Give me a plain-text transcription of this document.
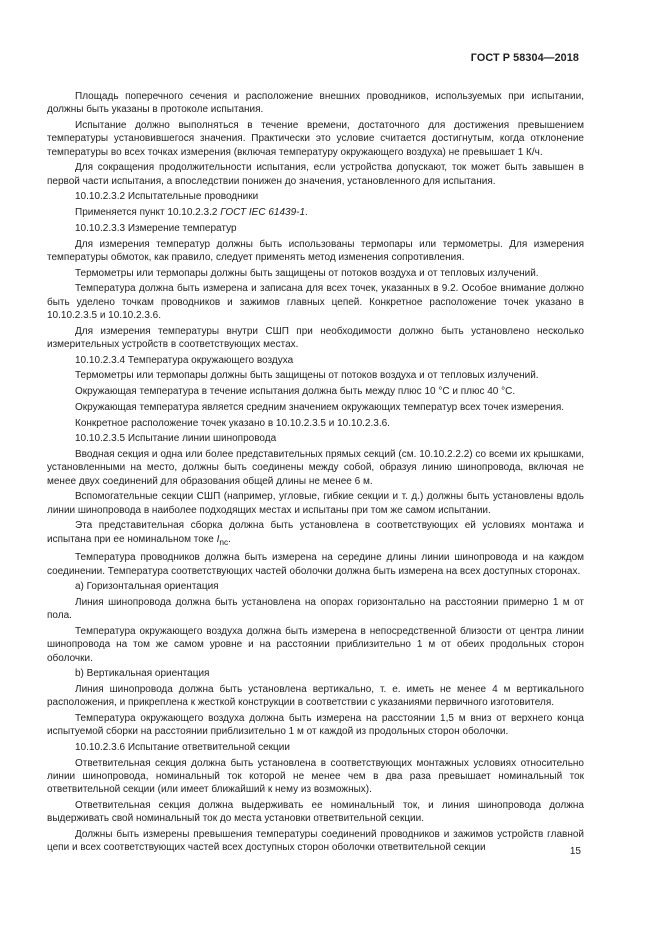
ГОСТ Р 58304—2018

Площадь поперечного сечения и расположение внешних проводников, используемых при испытании, должны быть указаны в протоколе испытания.

Испытание должно выполняться в течение времени, достаточного для достижения превышением температуры установившегося значения. Практически это условие считается достигнутым, когда отклонение температуры во всех точках измерения (включая температуру окружающего воздуха) не превышает 1 К/ч.

Для сокращения продолжительности испытания, если устройства допускают, ток может быть завышен в первой части испытания, а впоследствии понижен до значения, установленного для испытания.

10.10.2.3.2 Испытательные проводники

Применяется пункт 10.10.2.3.2 ГОСТ IEC 61439-1.

10.10.2.3.3 Измерение температур

Для измерения температур должны быть использованы термопары или термометры. Для измерения температуры обмоток, как правило, следует применять метод изменения сопротивления.

Термометры или термопары должны быть защищены от потоков воздуха и от тепловых излучений.

Температура должна быть измерена и записана для всех точек, указанных в 9.2. Особое внимание должно быть уделено точкам проводников и зажимов главных цепей. Конкретное расположение точек указано в 10.10.2.3.5 и 10.10.2.3.6.

Для измерения температуры внутри СШП при необходимости должно быть установлено несколько измерительных устройств в соответствующих местах.

10.10.2.3.4 Температура окружающего воздуха

Термометры или термопары должны быть защищены от потоков воздуха и от тепловых излучений.

Окружающая температура в течение испытания должна быть между плюс 10 °С и плюс 40 °С.

Окружающая температура является средним значением окружающих температур всех точек измерения.

Конкретное расположение точек указано в 10.10.2.3.5 и 10.10.2.3.6.

10.10.2.3.5 Испытание линии шинопровода

Вводная секция и одна или более представительных прямых секций (см. 10.10.2.2.2) со всеми их крышками, установленными на место, должны быть соединены между собой, образуя линию шинопровода, включая не менее двух соединений для образования общей длины не менее 6 м.

Вспомогательные секции СШП (например, угловые, гибкие секции и т. д.) должны быть установлены вдоль линии шинопровода в наиболее подходящих местах и испытаны при том же самом испытании.

Эта представительная сборка должна быть установлена в соответствующих ей условиях монтажа и испытана при ее номинальном токе $I_{nc}$.

Температура проводников должна быть измерена на середине длины линии шинопровода и на каждом соединении. Температура соответствующих частей оболочки должна быть измерена на всех доступных сторонах.

а) Горизонтальная ориентация

Линия шинопровода должна быть установлена на опорах горизонтально на расстоянии примерно 1 м от пола.

Температура окружающего воздуха должна быть измерена в непосредственной близости от центра линии шинопровода на том же самом уровне и на расстоянии приблизительно 1 м от обеих продольных сторон оболочки.

b) Вертикальная ориентация

Линия шинопровода должна быть установлена вертикально, т. е. иметь не менее 4 м вертикального расположения, и прикреплена к жесткой конструкции в соответствии с указаниями первичного изготовителя.

Температура окружающего воздуха должна быть измерена на расстоянии 1,5 м вниз от верхнего конца испытуемой сборки на расстоянии приблизительно 1 м от каждой из продольных сторон оболочки.

10.10.2.3.6 Испытание ответвительной секции

Ответвительная секция должна быть установлена в соответствующих монтажных условиях относительно линии шинопровода, номинальный ток которой не менее чем в два раза превышает номинальный ток ответвительной секции (или имеет ближайший к нему из возможных).

Ответвительная секция должна выдерживать ее номинальный ток, и линия шинопровода должна выдерживать свой номинальный ток до места установки ответвительной секции.

Должны быть измерены превышения температуры соединений проводников и зажимов устройств главной цепи и всех соответствующих частей всех доступных сторон оболочки ответвительной секции	15
